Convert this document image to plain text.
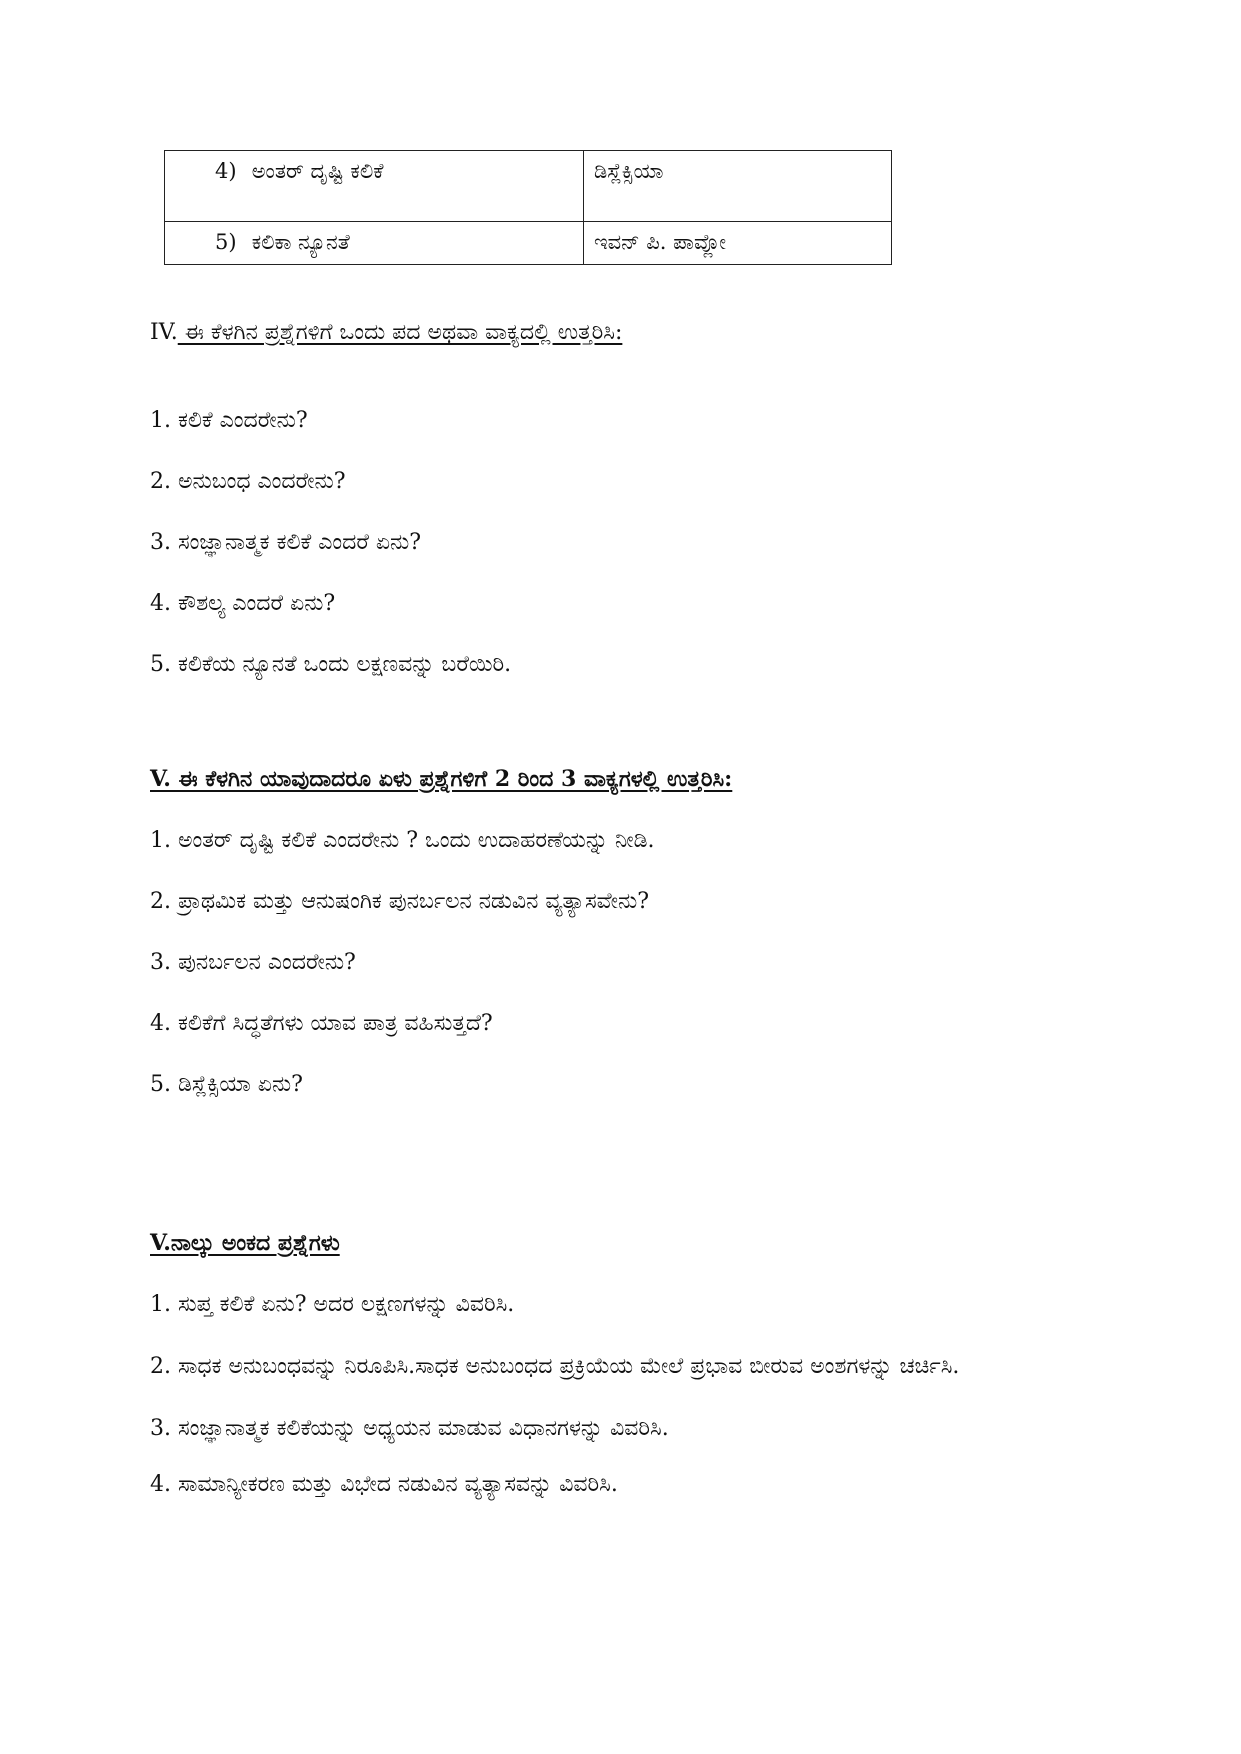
4) ಅಂತರ್ ದೃಷ್ಟಿ ಕಲಿಕೆ	ಡಿಸ್ಲೆಕ್ಸಿಯಾ
5) ಕಲಿಕಾ ನ್ಯೂನತೆ	ಇವನ್ ಪಿ. ಪಾವ್ಲೋ

IV. ಈ ಕೆಳಗಿನ ಪ್ರಶ್ನೆಗಳಿಗೆ ಒಂದು ಪದ ಅಥವಾ ವಾಕ್ಯದಲ್ಲಿ ಉತ್ತರಿಸಿ:

1. ಕಲಿಕೆ ಎಂದರೇನು?

2. ಅನುಬಂಧ ಎಂದರೇನು?

3. ಸಂಜ್ಞಾನಾತ್ಮಕ ಕಲಿಕೆ ಎಂದರೆ ಏನು?

4. ಕೌಶಲ್ಯ ಎಂದರೆ ಏನು?

5. ಕಲಿಕೆಯ ನ್ಯೂನತೆ ಒಂದು ಲಕ್ಷಣವನ್ನು ಬರೆಯಿರಿ.

V. ಈ ಕೆಳಗಿನ ಯಾವುದಾದರೂ ಏಳು ಪ್ರಶ್ನೆಗಳಿಗೆ 2 ರಿಂದ 3 ವಾಕ್ಯಗಳಲ್ಲಿ ಉತ್ತರಿಸಿ:

1. ಅಂತರ್ ದೃಷ್ಟಿ ಕಲಿಕೆ ಎಂದರೇನು ? ಒಂದು ಉದಾಹರಣೆಯನ್ನು ನೀಡಿ.

2. ಪ್ರಾಥಮಿಕ ಮತ್ತು ಆನುಷಂಗಿಕ ಪುನರ್ಬಲನ ನಡುವಿನ ವ್ಯತ್ಯಾಸವೇನು?

3. ಪುನರ್ಬಲನ ಎಂದರೇನು?

4. ಕಲಿಕೆಗೆ ಸಿದ್ಧತೆಗಳು ಯಾವ ಪಾತ್ರ ವಹಿಸುತ್ತದೆ?

5. ಡಿಸ್ಲೆಕ್ಸಿಯಾ ಏನು?

V.ನಾಲ್ಕು ಅಂಕದ ಪ್ರಶ್ನೆಗಳು

1. ಸುಪ್ತ ಕಲಿಕೆ ಏನು? ಅದರ ಲಕ್ಷಣಗಳನ್ನು ವಿವರಿಸಿ.

2. ಸಾಧಕ ಅನುಬಂಧವನ್ನು ನಿರೂಪಿಸಿ.ಸಾಧಕ ಅನುಬಂಧದ ಪ್ರಕ್ರಿಯೆಯ ಮೇಲೆ ಪ್ರಭಾವ ಬೀರುವ ಅಂಶಗಳನ್ನು ಚರ್ಚಿಸಿ.

3. ಸಂಜ್ಞಾನಾತ್ಮಕ ಕಲಿಕೆಯನ್ನು ಅಧ್ಯಯನ ಮಾಡುವ ವಿಧಾನಗಳನ್ನು ವಿವರಿಸಿ.

4. ಸಾಮಾನ್ಯೀಕರಣ ಮತ್ತು ವಿಭೇದ ನಡುವಿನ ವ್ಯತ್ಯಾಸವನ್ನು ವಿವರಿಸಿ.
